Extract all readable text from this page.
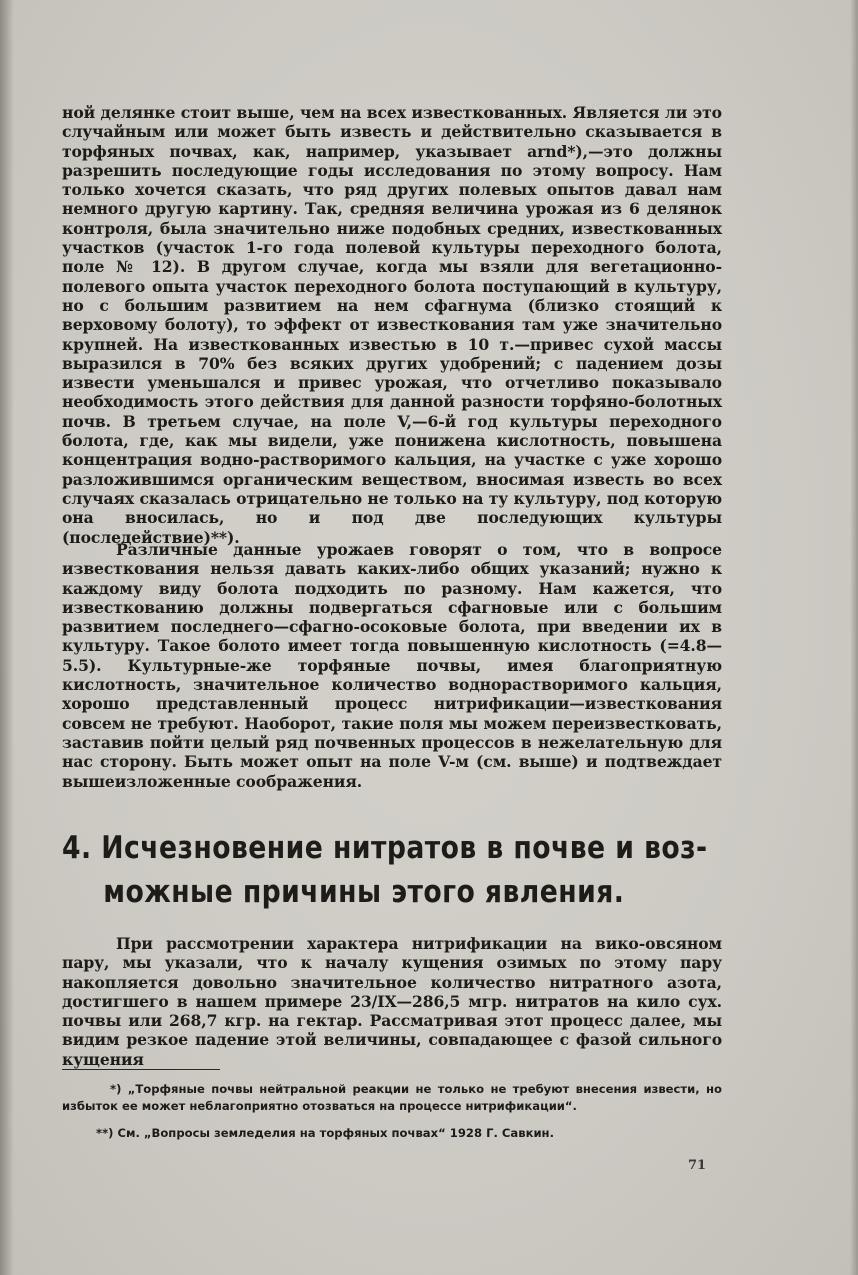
ной делянке стоит выше, чем на всех известкованных. Является ли это случайным или может быть известь и действительно сказывается в торфяных почвах, как, например, указывает arnd*),—это должны разрешить последующие годы исследования по этому вопросу. Нам только хочется сказать, что ряд других полевых опытов давал нам немного другую картину. Так, средняя величина урожая из 6 делянок контроля, была значительно ниже подобных средних, известкованных участков (участок 1-го года полевой культуры переходного болота, поле № 12). В другом случае, когда мы взяли для вегетационно-полевого опыта участок переходного болота поступающий в культуру, но с большим развитием на нем сфагнума (близко стоящий к верховому болоту), то эффект от известкования там уже значительно крупней. На известкованных известью в 10 т.—привес сухой массы выразился в 70% без всяких других удобрений; с падением дозы извести уменьшался и привес урожая, что отчетливо показывало необходимость этого действия для данной разности торфяно-болотных почв. В третьем случае, на поле V,—6-й год культуры переходного болота, где, как мы видели, уже понижена кислотность, повышена концентрация водно-растворимого кальция, на участке с уже хорошо разложившимся органическим веществом, вносимая известь во всех случаях сказалась отрицательно не только на ту культуру, под которую она вносилась, но и под две последующих культуры (последействие)**).

Различные данные урожаев говорят о том, что в вопросе известкования нельзя давать каких-либо общих указаний; нужно к каждому виду болота подходить по разному. Нам кажется, что известкованию должны подвергаться сфагновые или с большим развитием последнего—сфагно-осоковые болота, при введении их в культуру. Такое болото имеет тогда повышенную кислотность (=4.8—5.5). Культурные-же торфяные почвы, имея благоприятную кислотность, значительное количество воднорастворимого кальция, хорошо представленный процесс нитрификации—известкования совсем не требуют. Наоборот, такие поля мы можем переизвестковать, заставив пойти целый ряд почвенных процессов в нежелательную для нас сторону. Быть может опыт на поле V-м (см. выше) и подтвеждает вышеизложенные соображения.

4. Исчезновение нитратов в почве и воз-
можные причины этого явления.

При рассмотрении характера нитрификации на вико-овсяном пару, мы указали, что к началу кущения озимых по этому пару накопляется довольно значительное количество нитратного азота, достигшего в нашем примере 23/IX—286,5 мгр. нитратов на кило сух. почвы или 268,7 кгр. на гектар. Рассматривая этот процесс далее, мы видим резкое падение этой величины, совпадающее с фазой сильного кущения

*) „Торфяные почвы нейтральной реакции не только не требуют внесения извести, но избыток ее может неблагоприятно отозваться на процессе нитрификации“.

**) См. „Вопросы земледелия на торфяных почвах“ 1928 Г. Савкин.

71
